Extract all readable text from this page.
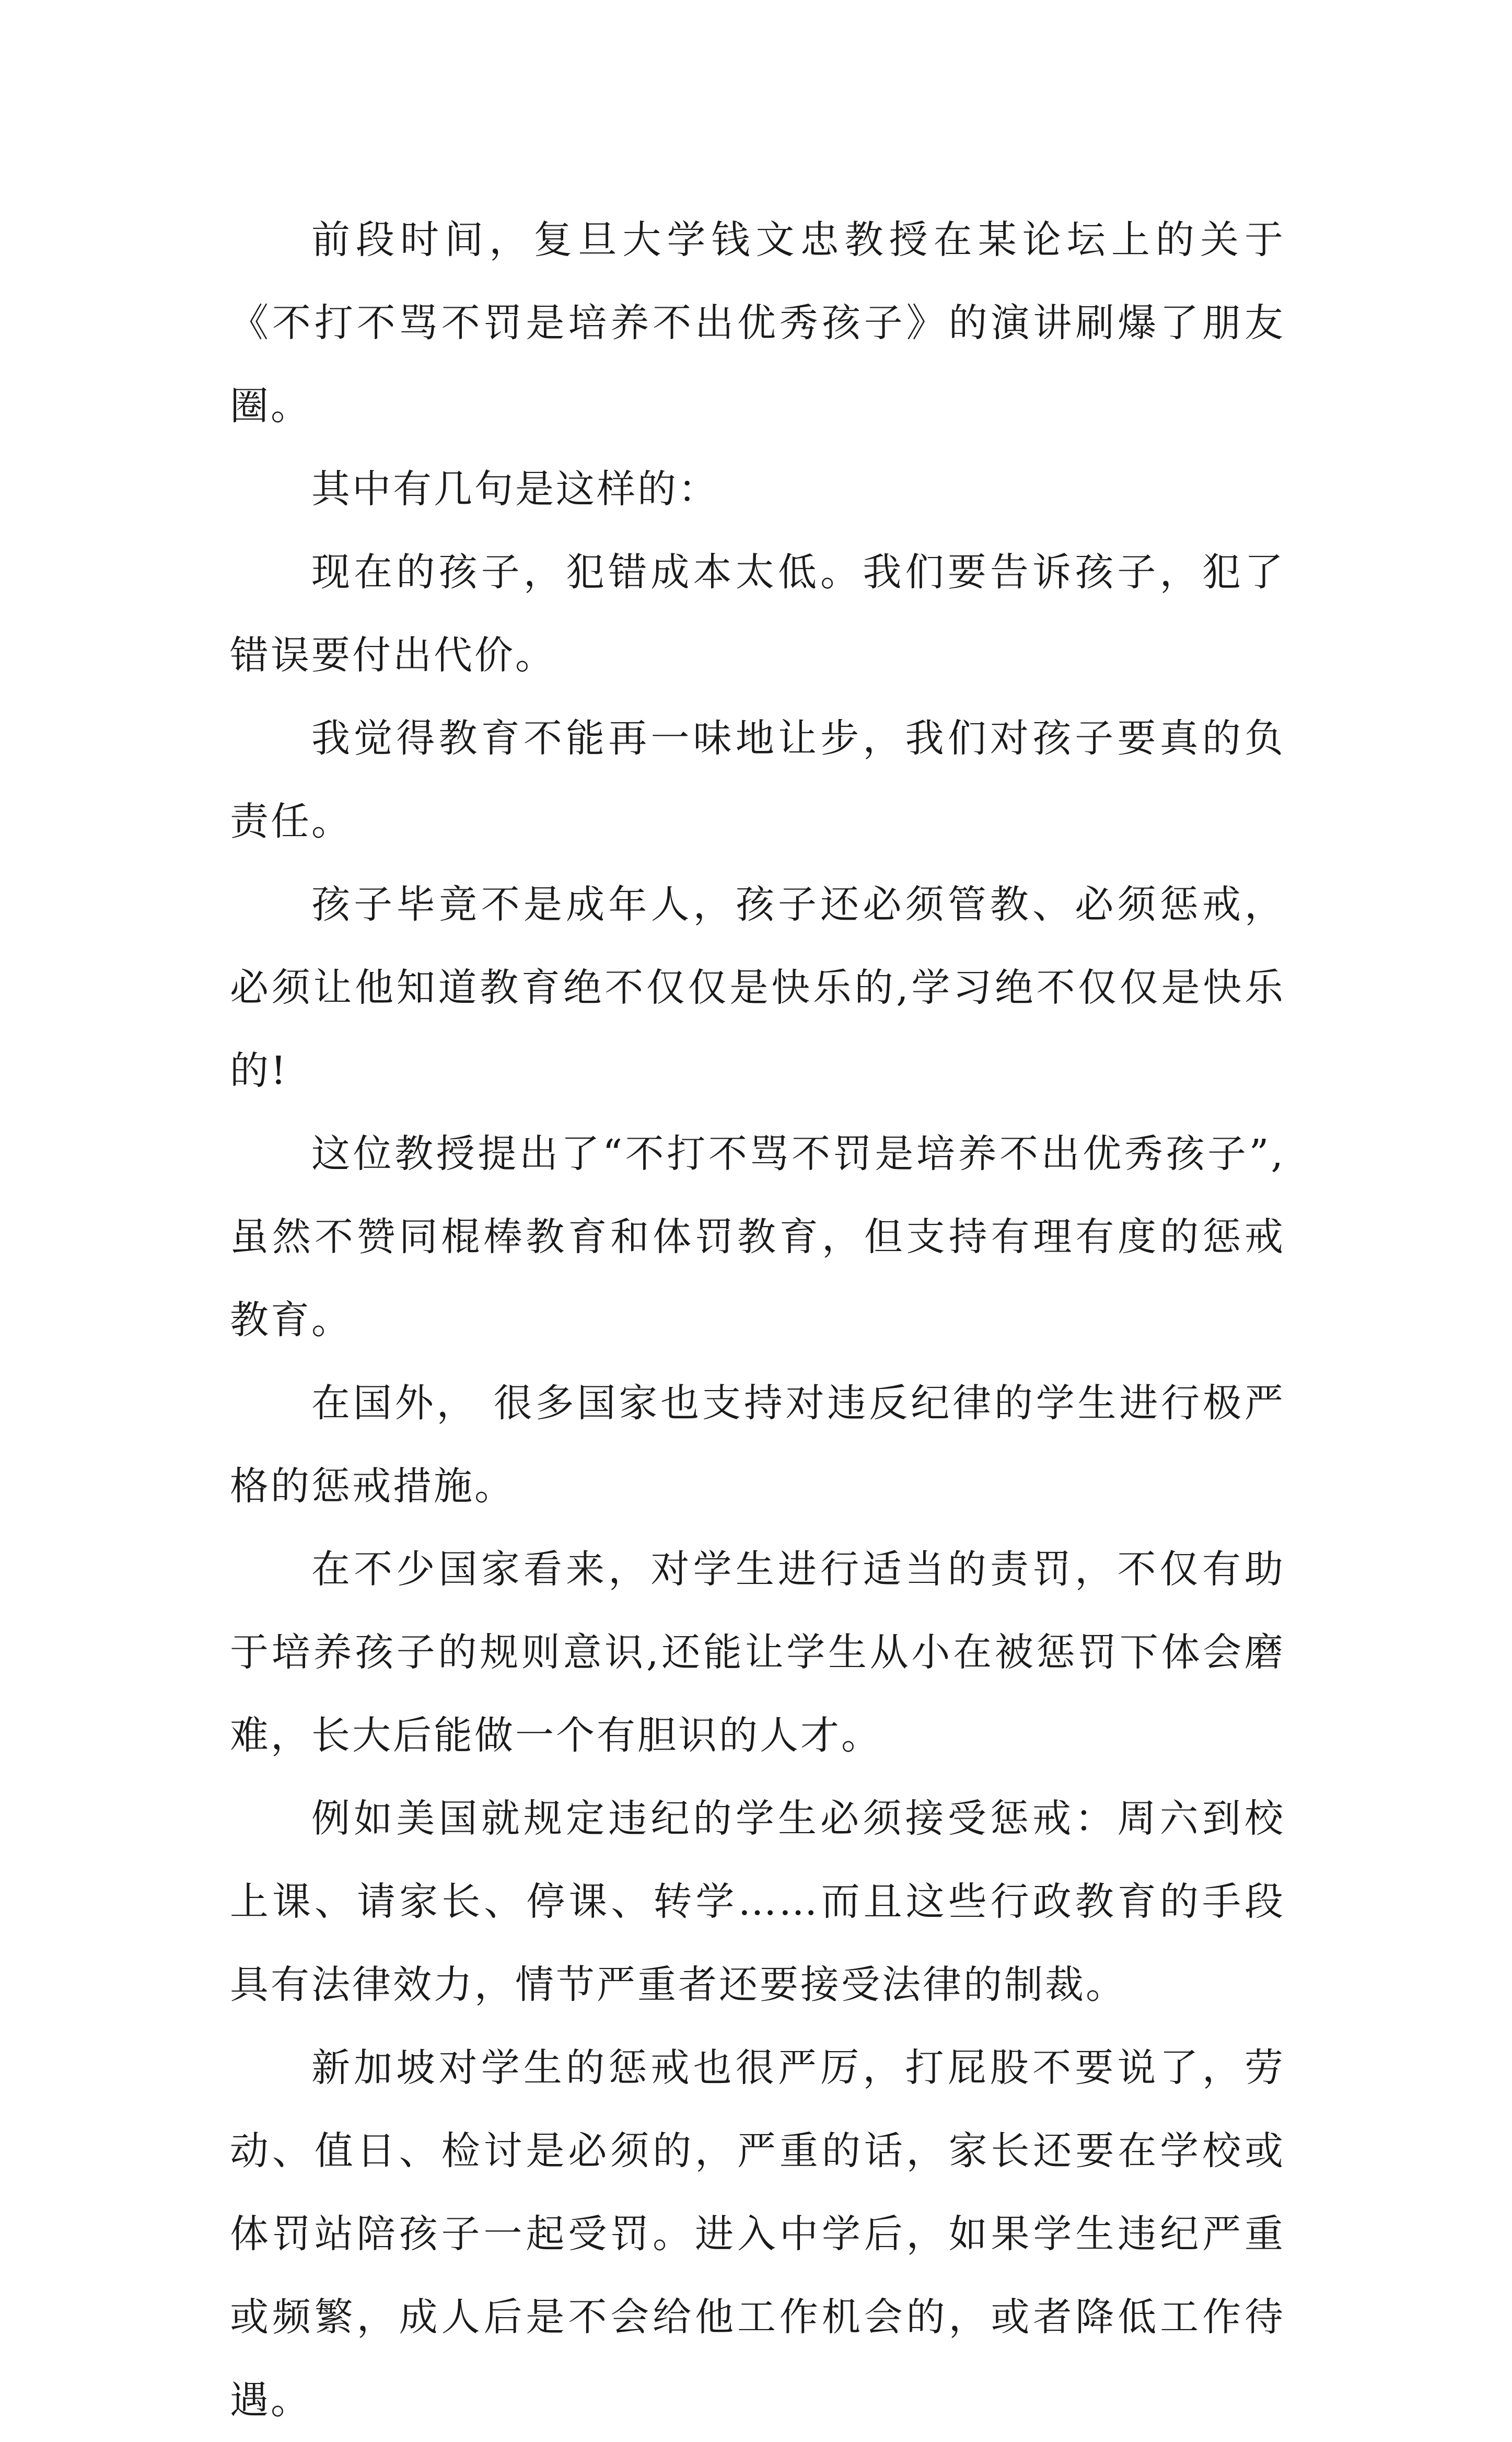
前段时间，复旦大学钱文忠教授在某论坛上的关于《不打不骂不罚是培养不出优秀孩子》的演讲刷爆了朋友圈。

其中有几句是这样的：

现在的孩子，犯错成本太低。我们要告诉孩子，犯了错误要付出代价。

我觉得教育不能再一味地让步，我们对孩子要真的负责任。

孩子毕竟不是成年人，孩子还必须管教、必须惩戒，必须让他知道教育绝不仅仅是快乐的,学习绝不仅仅是快乐的!

这位教授提出了“不打不骂不罚是培养不出优秀孩子”,虽然不赞同棍棒教育和体罚教育，但支持有理有度的惩戒教育。

在国外， 很多国家也支持对违反纪律的学生进行极严格的惩戒措施。

在不少国家看来，对学生进行适当的责罚，不仅有助于培养孩子的规则意识,还能让学生从小在被惩罚下体会磨难，长大后能做一个有胆识的人才。

例如美国就规定违纪的学生必须接受惩戒：周六到校上课、请家长、停课、转学……而且这些行政教育的手段具有法律效力，情节严重者还要接受法律的制裁。

新加坡对学生的惩戒也很严厉，打屁股不要说了，劳动、值日、检讨是必须的，严重的话，家长还要在学校或体罚站陪孩子一起受罚。进入中学后，如果学生违纪严重或频繁，成人后是不会给他工作机会的，或者降低工作待遇。
